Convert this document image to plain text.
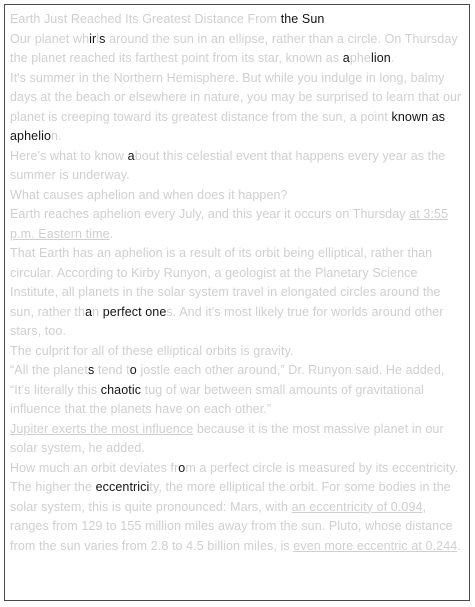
Earth Just Reached Its Greatest Distance From the Sun

Our planet whirls around the sun in an ellipse, rather than a circle. On Thursday the planet reached its farthest point from its star, known as aphelion.

It's summer in the Northern Hemisphere. But while you indulge in long, balmy days at the beach or elsewhere in nature, you may be surprised to learn that our planet is creeping toward its greatest distance from the sun, a point known as aphelion.

Here's what to know about this celestial event that happens every year as the summer is underway.

What causes aphelion and when does it happen?

Earth reaches aphelion every July, and this year it occurs on Thursday at 3:55 p.m. Eastern time.

That Earth has an aphelion is a result of its orbit being elliptical, rather than circular. According to Kirby Runyon, a geologist at the Planetary Science Institute, all planets in the solar system travel in elongated circles around the sun, rather than perfect ones. And it's most likely true for worlds around other stars, too.

The culprit for all of these elliptical orbits is gravity.

“All the planets tend to jostle each other around,” Dr. Runyon said. He added, “It’s literally this chaotic tug of war between small amounts of gravitational influence that the planets have on each other.”

Jupiter exerts the most influence because it is the most massive planet in our solar system, he added.

How much an orbit deviates from a perfect circle is measured by its eccentricity. The higher the eccentricity, the more elliptical the orbit. For some bodies in the solar system, this is quite pronounced: Mars, with an eccentricity of 0.094, ranges from 129 to 155 million miles away from the sun. Pluto, whose distance from the sun varies from 2.8 to 4.5 billion miles, is even more eccentric at 0.244.
